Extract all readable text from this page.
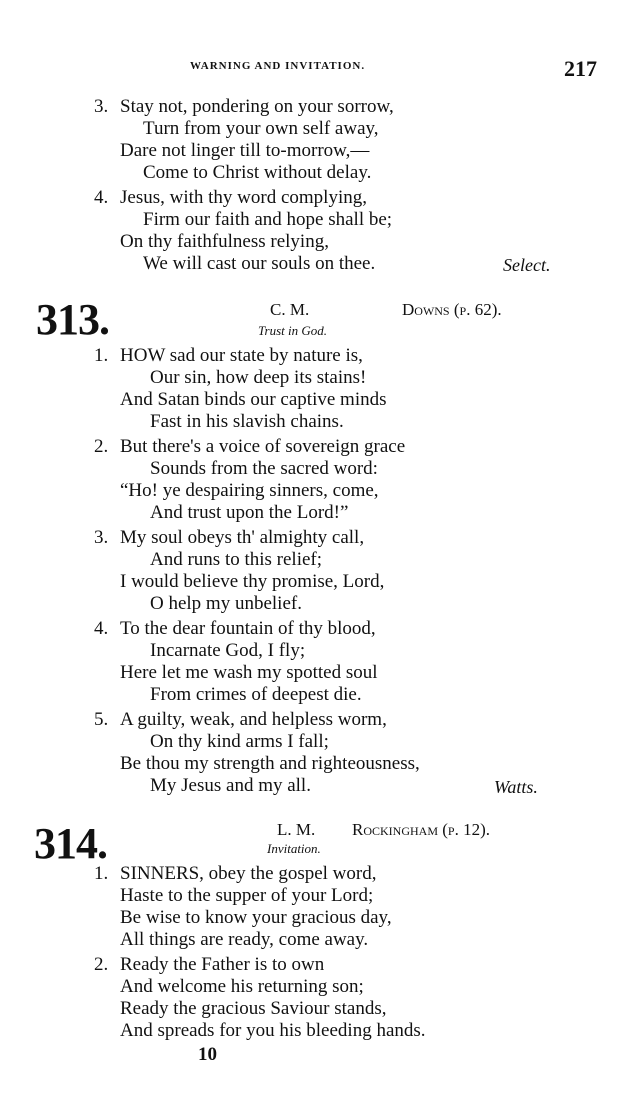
WARNING AND INVITATION.	217
3. Stay not, pondering on your sorrow,
Turn from your own self away,
Dare not linger till to-morrow,—
Come to Christ without delay.
4. Jesus, with thy word complying,
Firm our faith and hope shall be;
On thy faithfulness relying,
We will cast our souls on thee.	Select.
313.	C. M.	Downs (p. 62).
Trust in God.
1. HOW sad our state by nature is,
Our sin, how deep its stains!
And Satan binds our captive minds
Fast in his slavish chains.
2. But there's a voice of sovereign grace
Sounds from the sacred word:
“Ho! ye despairing sinners, come,
And trust upon the Lord!”
3. My soul obeys th' almighty call,
And runs to this relief;
I would believe thy promise, Lord,
O help my unbelief.
4. To the dear fountain of thy blood,
Incarnate God, I fly;
Here let me wash my spotted soul
From crimes of deepest die.
5. A guilty, weak, and helpless worm,
On thy kind arms I fall;
Be thou my strength and righteousness,
My Jesus and my all.	Watts.
314.	L. M. Rockingham (p. 12).
Invitation.
1. SINNERS, obey the gospel word,
Haste to the supper of your Lord;
Be wise to know your gracious day,
All things are ready, come away.
2. Ready the Father is to own
And welcome his returning son;
Ready the gracious Saviour stands,
And spreads for you his bleeding hands.
10
